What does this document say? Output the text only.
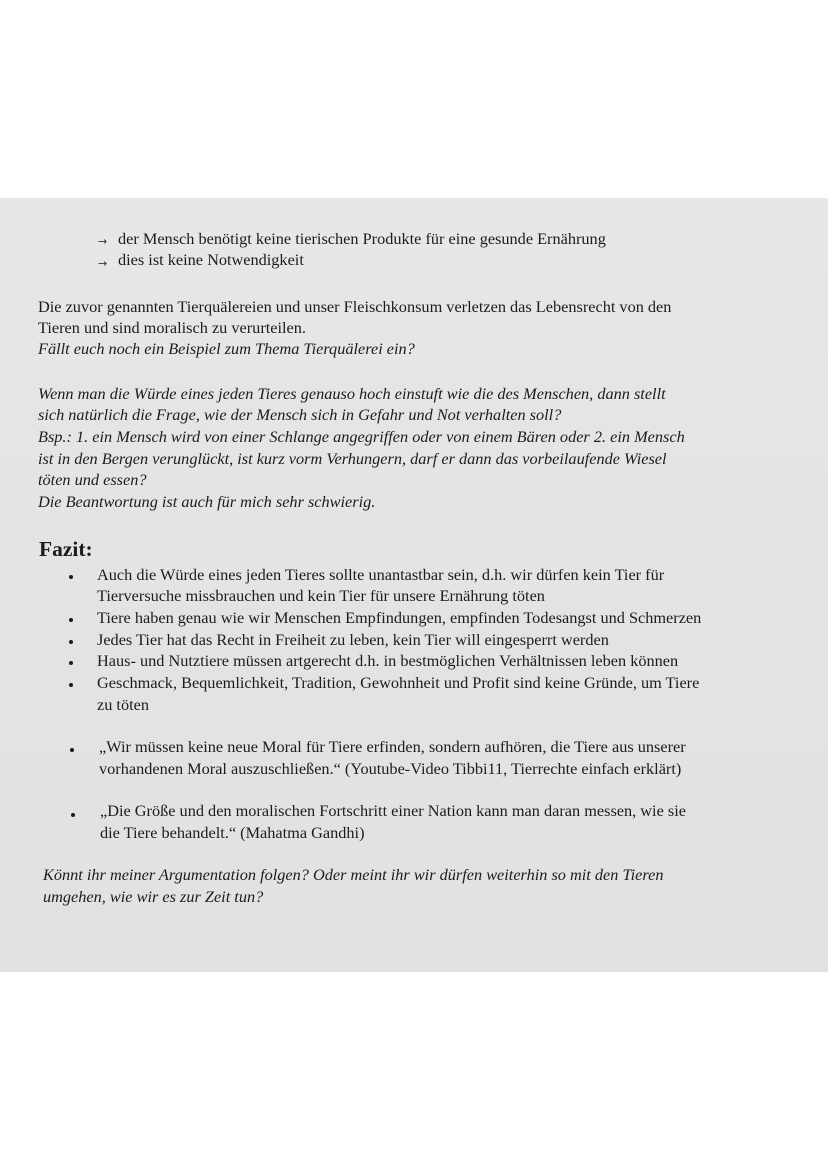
→ der Mensch benötigt keine tierischen Produkte für eine gesunde Ernährung
→ dies ist keine Notwendigkeit
Die zuvor genannten Tierquälereien und unser Fleischkonsum verletzen das Lebensrecht von den
Tieren und sind moralisch zu verurteilen.
Fällt euch noch ein Beispiel zum Thema Tierquälerei ein?
Wenn man die Würde eines jeden Tieres genauso hoch einstuft wie die des Menschen, dann stellt
sich natürlich die Frage, wie der Mensch sich in Gefahr und Not verhalten soll?
Bsp.: 1. ein Mensch wird von einer Schlange angegriffen oder von einem Bären oder 2. ein Mensch
ist in den Bergen verunglückt, ist kurz vorm Verhungern, darf er dann das vorbeilaufende Wiesel
töten und essen?
Die Beantwortung ist auch für mich sehr schwierig.
Fazit:
Auch die Würde eines jeden Tieres sollte unantastbar sein, d.h. wir dürfen kein Tier für
Tierversuche missbrauchen und kein Tier für unsere Ernährung töten
Tiere haben genau wie wir Menschen Empfindungen, empfinden Todesangst und Schmerzen
Jedes Tier hat das Recht in Freiheit zu leben, kein Tier will eingesperrt werden
Haus- und Nutztiere müssen artgerecht d.h. in bestmöglichen Verhältnissen leben können
Geschmack, Bequemlichkeit, Tradition, Gewohnheit und Profit sind keine Gründe, um Tiere
zu töten
„Wir müssen keine neue Moral für Tiere erfinden, sondern aufhören, die Tiere aus unserer
vorhandenen Moral auszuschließen.“ (Youtube-Video Tibbi11, Tierrechte einfach erklärt)
„Die Größe und den moralischen Fortschritt einer Nation kann man daran messen, wie sie
die Tiere behandelt.“ (Mahatma Gandhi)
Könnt ihr meiner Argumentation folgen? Oder meint ihr wir dürfen weiterhin so mit den Tieren
umgehen, wie wir es zur Zeit tun?
